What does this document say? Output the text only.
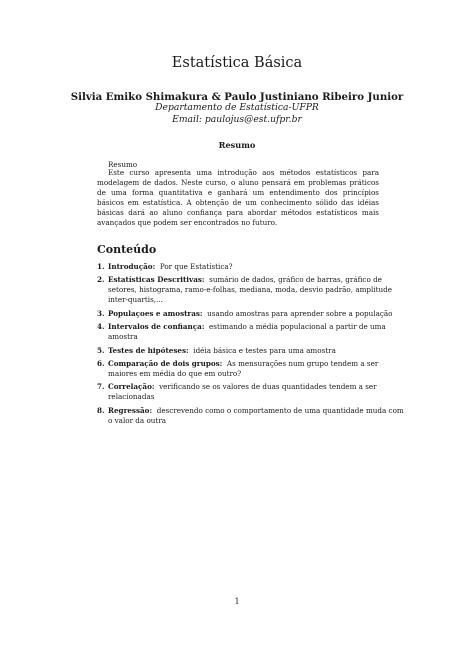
Estatística Básica
Silvia Emiko Shimakura & Paulo Justiniano Ribeiro Junior
Departamento de Estatística-UFPR
Email: paulojus@est.ufpr.br
Resumo
Resumo
Este curso apresenta uma introdução aos métodos estatísticos para modelagem de dados. Neste curso, o aluno pensará em problemas práticos de uma forma quantitativa e ganhará um entendimento dos princípios básicos em estatística. A obtenção de um conhecimento sólido das idéias básicas dará ao aluno confiança para abordar métodos estatísticos mais avançados que podem ser encontrados no futuro.
Conteúdo
1. Introdução: Por que Estatística?
2. Estatísticas Descritivas: sumário de dados, gráfico de barras, gráfico de setores, histograma, ramo-e-folhas, mediana, moda, desvio padrão, amplitude inter-quartis,...
3. Populaçoes e amostras: usando amostras para aprender sobre a população
4. Intervalos de confiança: estimando a média populacional a partir de uma amostra
5. Testes de hipóteses: idéia básica e testes para uma amostra
6. Comparação de dois grupos: As mensurações num grupo tendem a ser maiores em média do que em outro?
7. Correlação: verificando se os valores de duas quantidades tendem a ser relacionadas
8. Regressão: descrevendo como o comportamento de uma quantidade muda com o valor da outra
1
